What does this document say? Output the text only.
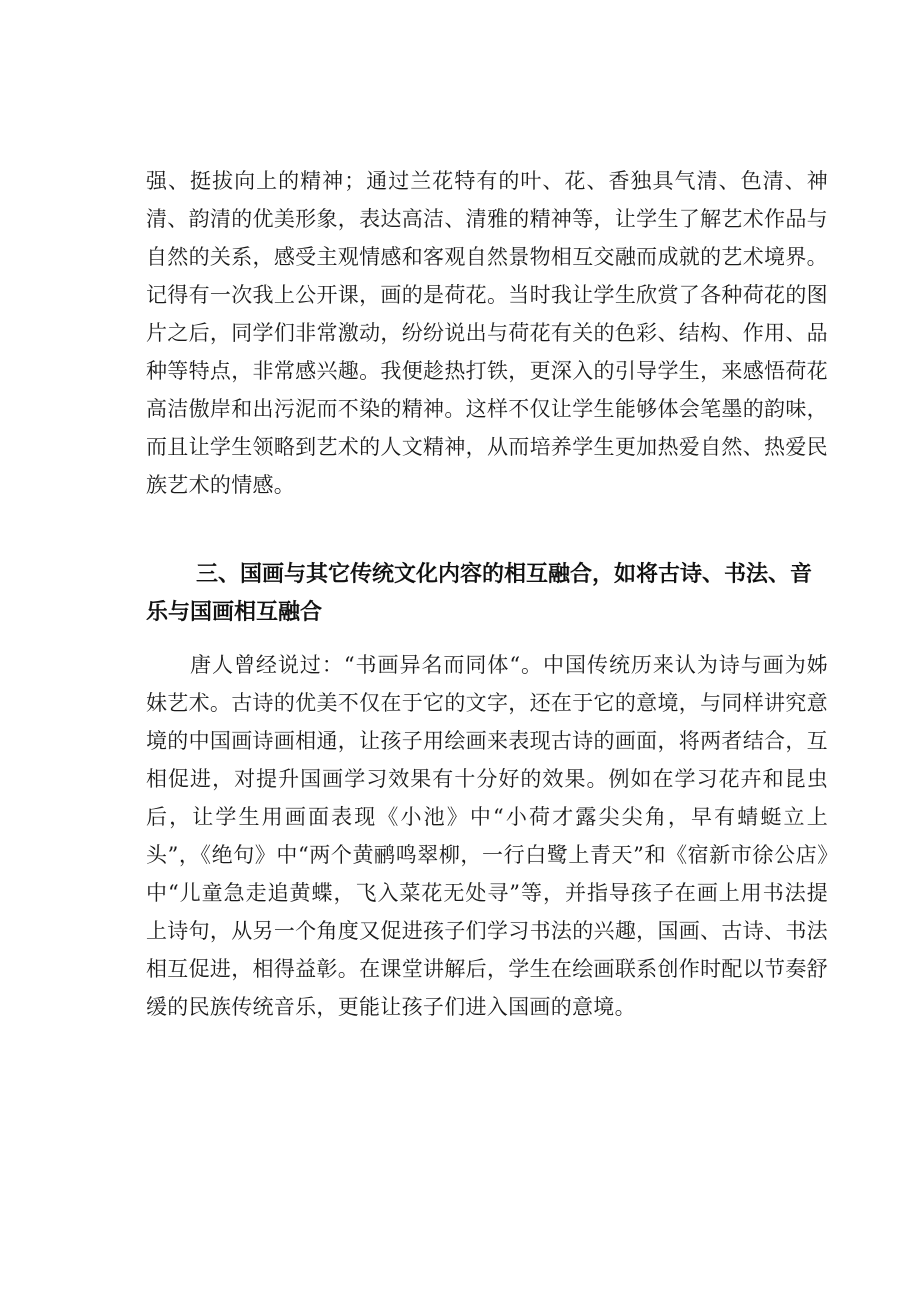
强、挺拔向上的精神；通过兰花特有的叶、花、香独具气清、色清、神清、韵清的优美形象，表达高洁、清雅的精神等，让学生了解艺术作品与自然的关系，感受主观情感和客观自然景物相互交融而成就的艺术境界。记得有一次我上公开课，画的是荷花。当时我让学生欣赏了各种荷花的图片之后，同学们非常激动，纷纷说出与荷花有关的色彩、结构、作用、品种等特点，非常感兴趣。我便趁热打铁，更深入的引导学生，来感悟荷花高洁傲岸和出污泥而不染的精神。这样不仅让学生能够体会笔墨的韵味，而且让学生领略到艺术的人文精神，从而培养学生更加热爱自然、热爱民族艺术的情感。

三、国画与其它传统文化内容的相互融合，如将古诗、书法、音乐与国画相互融合

唐人曾经说过：“书画异名而同体“。中国传统历来认为诗与画为姊妹艺术。古诗的优美不仅在于它的文字，还在于它的意境，与同样讲究意境的中国画诗画相通，让孩子用绘画来表现古诗的画面，将两者结合，互相促进，对提升国画学习效果有十分好的效果。例如在学习花卉和昆虫后，让学生用画面表现《小池》中“小荷才露尖尖角，早有蜻蜓立上头”，《绝句》中“两个黄鹂鸣翠柳，一行白鹭上青天”和《宿新市徐公店》中“儿童急走追黄蝶，飞入菜花无处寻”等，并指导孩子在画上用书法提上诗句，从另一个角度又促进孩子们学习书法的兴趣，国画、古诗、书法相互促进，相得益彰。在课堂讲解后，学生在绘画联系创作时配以节奏舒缓的民族传统音乐，更能让孩子们进入国画的意境。
